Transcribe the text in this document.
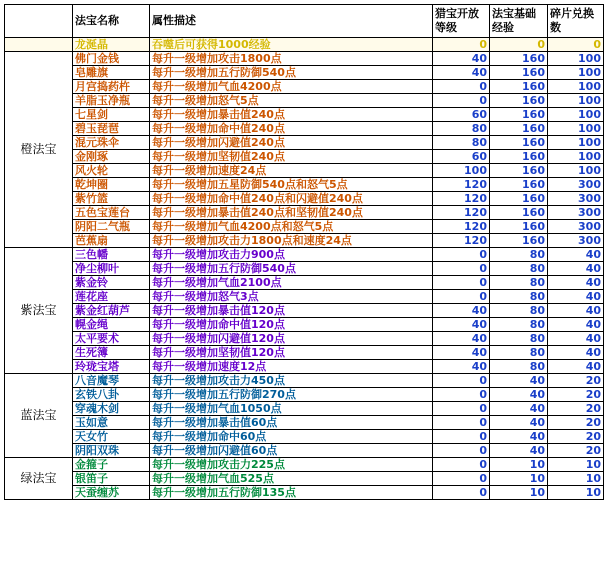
	法宝名称	属性描述	猎宝开放等级	法宝基础经验	碎片兑换数
	龙涎晶	吞噬后可获得1000经验	0	0	0
橙法宝	佛门金钱	每升一级增加攻击1800点	40	160	100
	皂雕旗	每升一级增加五行防御540点	40	160	100
	月宫捣药杵	每升一级增加气血4200点	0	160	100
	羊脂玉净瓶	每升一级增加怒气5点	0	160	100
	七星剑	每升一级增加暴击值240点	60	160	100
	碧玉琵琶	每升一级增加命中值240点	80	160	100
	混元珠伞	每升一级增加闪避值240点	80	160	100
	金刚琢	每升一级增加坚韧值240点	60	160	100
	风火轮	每升一级增加速度24点	100	160	100
	乾坤圈	每升一级增加五星防御540点和怒气5点	120	160	300
	紫竹篮	每升一级增加命中值240点和闪避值240点	120	160	300
	五色宝莲台	每升一级增加暴击值240点和坚韧值240点	120	160	300
	阴阳二气瓶	每升一级增加气血4200点和怒气5点	120	160	300
	芭蕉扇	每升一级增加攻击力1800点和速度24点	120	160	300
紫法宝	三色幡	每升一级增加攻击力900点	0	80	40
	净尘柳叶	每升一级增加五行防御540点	0	80	40
	紫金铃	每升一级增加气血2100点	0	80	40
	莲花座	每升一级增加怒气3点	0	80	40
	紫金红葫芦	每升一级增加暴击值120点	40	80	40
	幌金绳	每升一级增加命中值120点	40	80	40
	太平要术	每升一级增加闪避值120点	40	80	40
	生死簿	每升一级增加坚韧值120点	40	80	40
	玲珑宝塔	每升一级增加速度12点	40	80	40
蓝法宝	八音魔琴	每升一级增加攻击力450点	0	40	20
	玄铁八卦	每升一级增加五行防御270点	0	40	20
	穿魂木剑	每升一级增加气血1050点	0	40	20
	玉如意	每升一级增加暴击值60点	0	40	20
	天女竹	每升一级增加命中60点	0	40	20
	阴阳双珠	每升一级增加闪避值60点	0	40	20
绿法宝	金箍子	每升一级增加攻击力225点	0	10	10
	银笛子	每升一级增加气血525点	0	10	10
	天蚕缠苏	每升一级增加五行防御135点	0	10	10
